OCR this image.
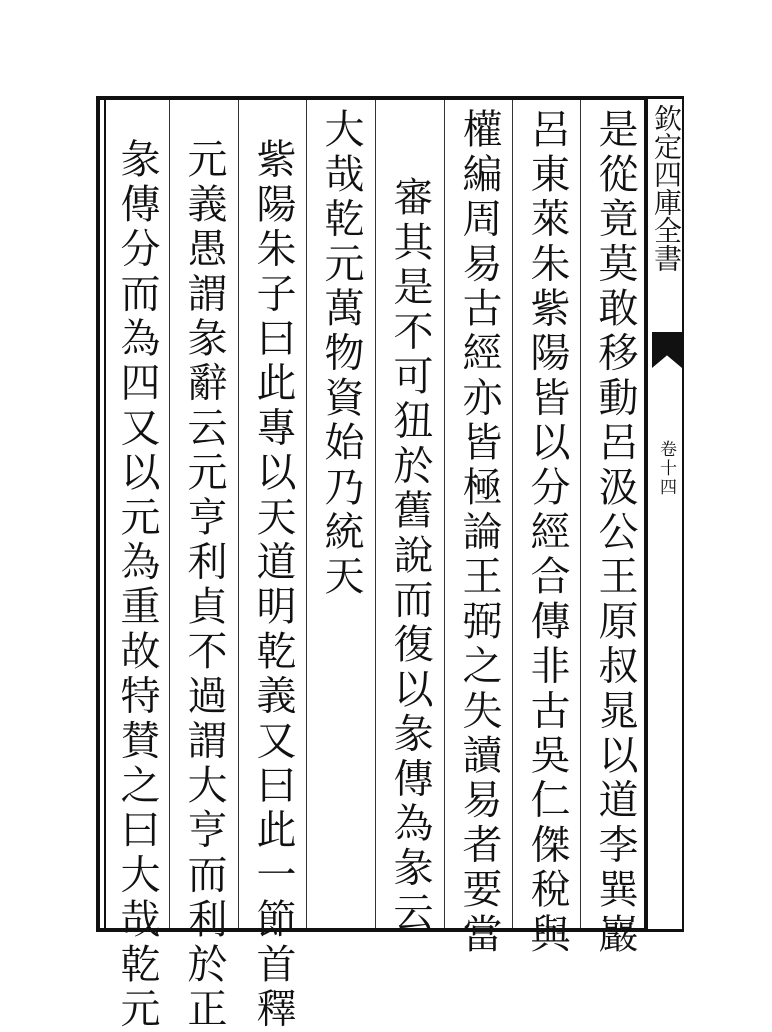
欽定四庫全書
卷十四
是從竟莫敢移動呂汲公王原叔晁以道李巽巖
呂東萊朱紫陽皆以分經合傳非古吳仁傑稅與
權編周易古經亦皆極論王弼之失讀易者要當
審其是不可狃於舊說而復以彖傳為彖云
大哉乾元萬物資始乃統天
紫陽朱子曰此專以天道明乾義又曰此一節首釋
元義愚謂彖辭云元亨利貞不過謂大亨而利於正
彖傳分而為四又以元為重故特賛之曰大哉乾元
